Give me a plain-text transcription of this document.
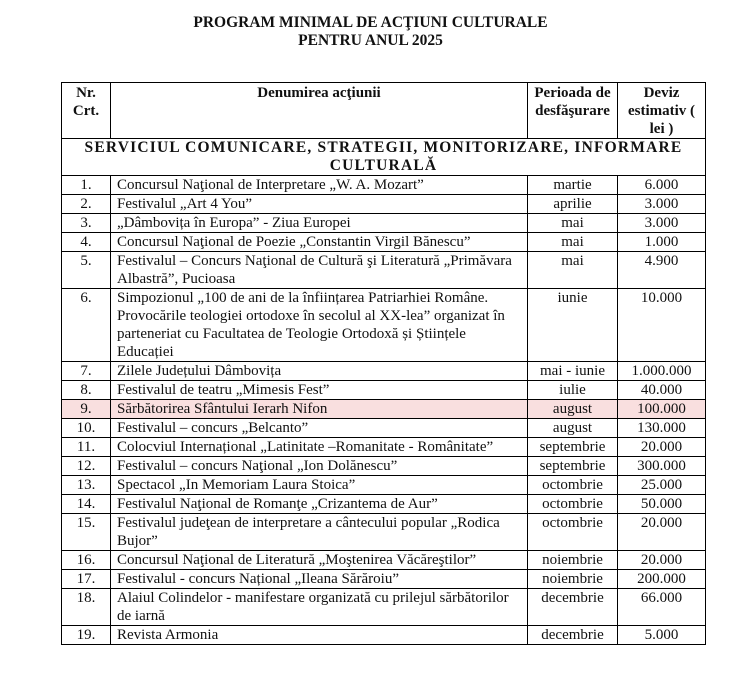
PROGRAM MINIMAL DE ACŢIUNI CULTURALE
PENTRU ANUL 2025
Nr. Crt.	Denumirea acţiunii	Perioada de desfăşurare	Deviz estimativ ( lei )
SERVICIUL COMUNICARE, STRATEGII, MONITORIZARE, INFORMARE CULTURALĂ			
1.	Concursul Naţional de Interpretare „W. A. Mozart”	martie	6.000
2.	Festivalul „Art 4 You”	aprilie	3.000
3.	„Dâmbovița în Europa” - Ziua Europei	mai	3.000
4.	Concursul Naţional de Poezie „Constantin Virgil Bănescu”	mai	1.000
5.	Festivalul – Concurs Naţional de Cultură şi Literatură „Primăvara Albastră”, Pucioasa	mai	4.900
6.	Simpozionul „100 de ani de la înființarea Patriarhiei Române. Provocările teologiei ortodoxe în secolul al XX-lea” organizat în parteneriat cu Facultatea de Teologie Ortodoxă și Științele Educației	iunie	10.000
7.	Zilele Județului Dâmbovița	mai - iunie	1.000.000
8.	Festivalul de teatru „Mimesis Fest”	iulie	40.000
9.	Sărbătorirea Sfântului Ierarh Nifon	august	100.000
10.	Festivalul – concurs „Belcanto”	august	130.000
11.	Colocviul Internațional „Latinitate –Romanitate - Românitate”	septembrie	20.000
12.	Festivalul – concurs Naţional „Ion Dolănescu”	septembrie	300.000
13.	Spectacol „In Memoriam Laura Stoica”	octombrie	25.000
14.	Festivalul Naţional de Romanţe „Crizantema de Aur”	octombrie	50.000
15.	Festivalul judeţean de interpretare a cântecului popular „Rodica Bujor”	octombrie	20.000
16.	Concursul Naţional de Literatură „Moştenirea Văcăreştilor”	noiembrie	20.000
17.	Festivalul - concurs Național „Ileana Sărăroiu”	noiembrie	200.000
18.	Alaiul Colindelor - manifestare organizată cu prilejul sărbătorilor de iarnă	decembrie	66.000
19.	Revista Armonia	decembrie	5.000
